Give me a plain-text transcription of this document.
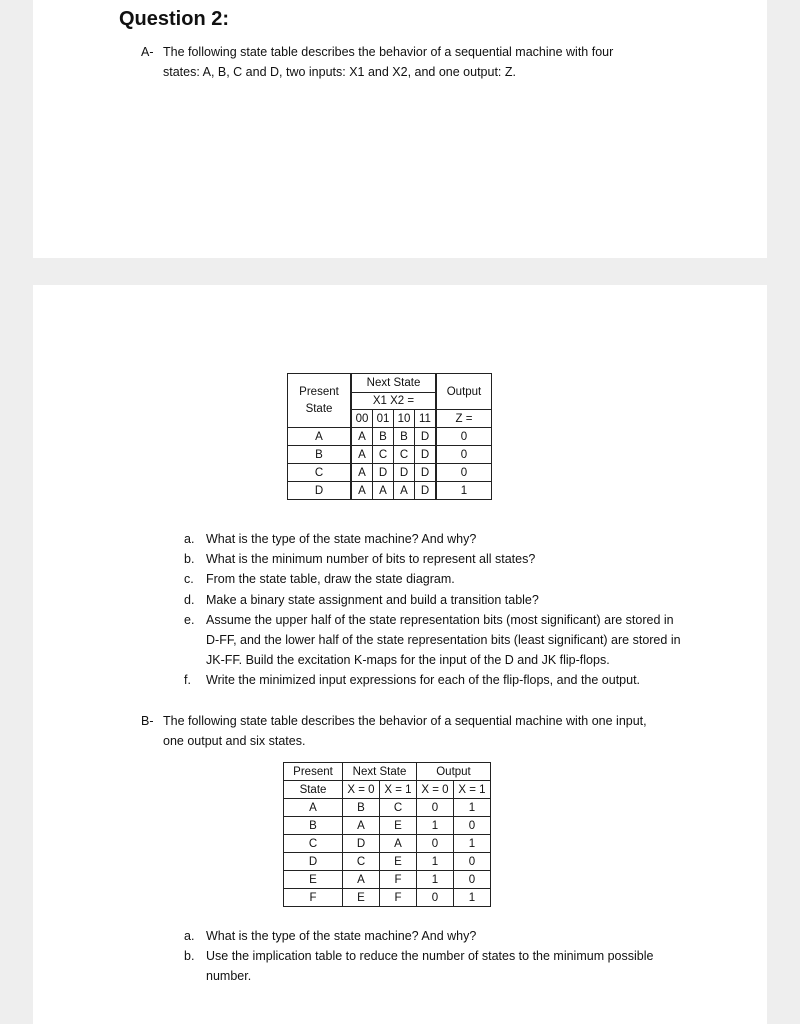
Question 2:
A- The following state table describes the behavior of a sequential machine with four
states: A, B, C and D, two inputs: X1 and X2, and one output: Z.
Present
State	Next State				Output
	X1 X2 =				
	00	01	10	11	Z =
A	A	B	B	D	0
B	A	C	C	D	0
C	A	D	D	D	0
D	A	A	A	D	1
a. What is the type of the state machine? And why?
b. What is the minimum number of bits to represent all states?
c. From the state table, draw the state diagram.
d. Make a binary state assignment and build a transition table?
e. Assume the upper half of the state representation bits (most significant) are stored in D-FF, and the lower half of the state representation bits (least significant) are stored in JK-FF. Build the excitation K-maps for the input of the D and JK flip-flops.
f. Write the minimized input expressions for each of the flip-flops, and the output.
B- The following state table describes the behavior of a sequential machine with one input,
one output and six states.
Present	Next State		Output	
State	X = 0	X = 1	X = 0	X = 1
A	B	C	0	1
B	A	E	1	0
C	D	A	0	1
D	C	E	1	0
E	A	F	1	0
F	E	F	0	1
a. What is the type of the state machine? And why?
b. Use the implication table to reduce the number of states to the minimum possible number.
